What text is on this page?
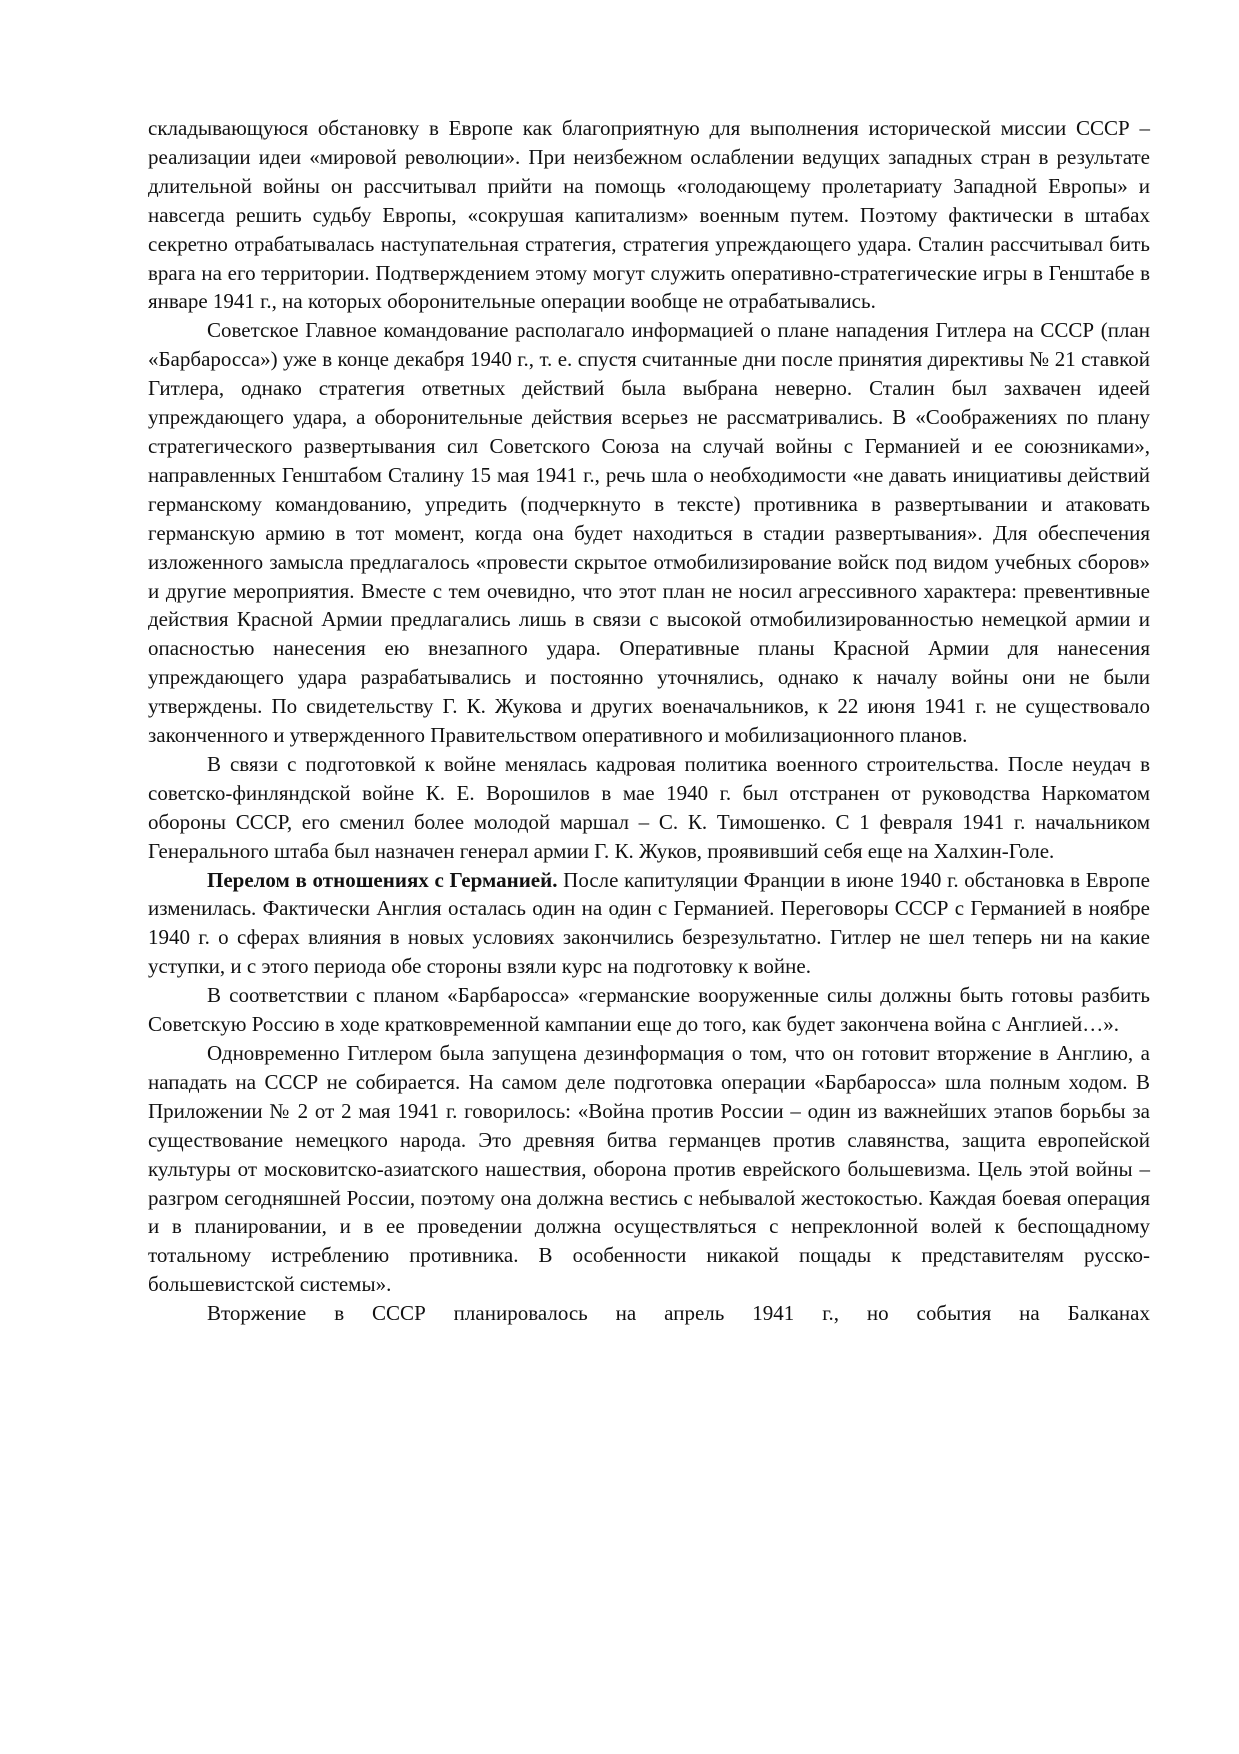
складывающуюся обстановку в Европе как благоприятную для выполнения исторической миссии СССР – реализации идеи «мировой революции». При неизбежном ослаблении ведущих западных стран в результате длительной войны он рассчитывал прийти на помощь «голодающему пролетариату Западной Европы» и навсегда решить судьбу Европы, «сокрушая капитализм» военным путем. Поэтому фактически в штабах секретно отрабатывалась наступательная стратегия, стратегия упреждающего удара. Сталин рассчитывал бить врага на его территории. Подтверждением этому могут служить оперативно-стратегические игры в Генштабе в январе 1941 г., на которых оборонительные операции вообще не отрабатывались.

Советское Главное командование располагало информацией о плане нападения Гитлера на СССР (план «Барбаросса») уже в конце декабря 1940 г., т. е. спустя считанные дни после принятия директивы № 21 ставкой Гитлера, однако стратегия ответных действий была выбрана неверно. Сталин был захвачен идеей упреждающего удара, а оборонительные действия всерьез не рассматривались. В «Соображениях по плану стратегического развертывания сил Советского Союза на случай войны с Германией и ее союзниками», направленных Генштабом Сталину 15 мая 1941 г., речь шла о необходимости «не давать инициативы действий германскому командованию, упредить (подчеркнуто в тексте) противника в развертывании и атаковать германскую армию в тот момент, когда она будет находиться в стадии развертывания». Для обеспечения изложенного замысла предлагалось «провести скрытое отмобилизирование войск под видом учебных сборов» и другие мероприятия. Вместе с тем очевидно, что этот план не носил агрессивного характера: превентивные действия Красной Армии предлагались лишь в связи с высокой отмобилизированностью немецкой армии и опасностью нанесения ею внезапного удара. Оперативные планы Красной Армии для нанесения упреждающего удара разрабатывались и постоянно уточнялись, однако к началу войны они не были утверждены. По свидетельству Г. К. Жукова и других военачальников, к 22 июня 1941 г. не существовало законченного и утвержденного Правительством оперативного и мобилизационного планов.

В связи с подготовкой к войне менялась кадровая политика военного строительства. После неудач в советско-финляндской войне К. Е. Ворошилов в мае 1940 г. был отстранен от руководства Наркоматом обороны СССР, его сменил более молодой маршал – С. К. Тимошенко. С 1 февраля 1941 г. начальником Генерального штаба был назначен генерал армии Г. К. Жуков, проявивший себя еще на Халхин-Голе.

Перелом в отношениях с Германией. После капитуляции Франции в июне 1940 г. обстановка в Европе изменилась. Фактически Англия осталась один на один с Германией. Переговоры СССР с Германией в ноябре 1940 г. о сферах влияния в новых условиях закончились безрезультатно. Гитлер не шел теперь ни на какие уступки, и с этого периода обе стороны взяли курс на подготовку к войне.

В соответствии с планом «Барбаросса» «германские вооруженные силы должны быть готовы разбить Советскую Россию в ходе кратковременной кампании еще до того, как будет закончена война с Англией…».

Одновременно Гитлером была запущена дезинформация о том, что он готовит вторжение в Англию, а нападать на СССР не собирается. На самом деле подготовка операции «Барбаросса» шла полным ходом. В Приложении № 2 от 2 мая 1941 г. говорилось: «Война против России – один из важнейших этапов борьбы за существование немецкого народа. Это древняя битва германцев против славянства, защита европейской культуры от московитско-азиатского нашествия, оборона против еврейского большевизма. Цель этой войны – разгром сегодняшней России, поэтому она должна вестись с небывалой жестокостью. Каждая боевая операция и в планировании, и в ее проведении должна осуществляться с непреклонной волей к беспощадному тотальному истреблению противника. В особенности никакой пощады к представителям русско-большевистской системы».

Вторжение в СССР планировалось на апрель 1941 г., но события на Балканах
